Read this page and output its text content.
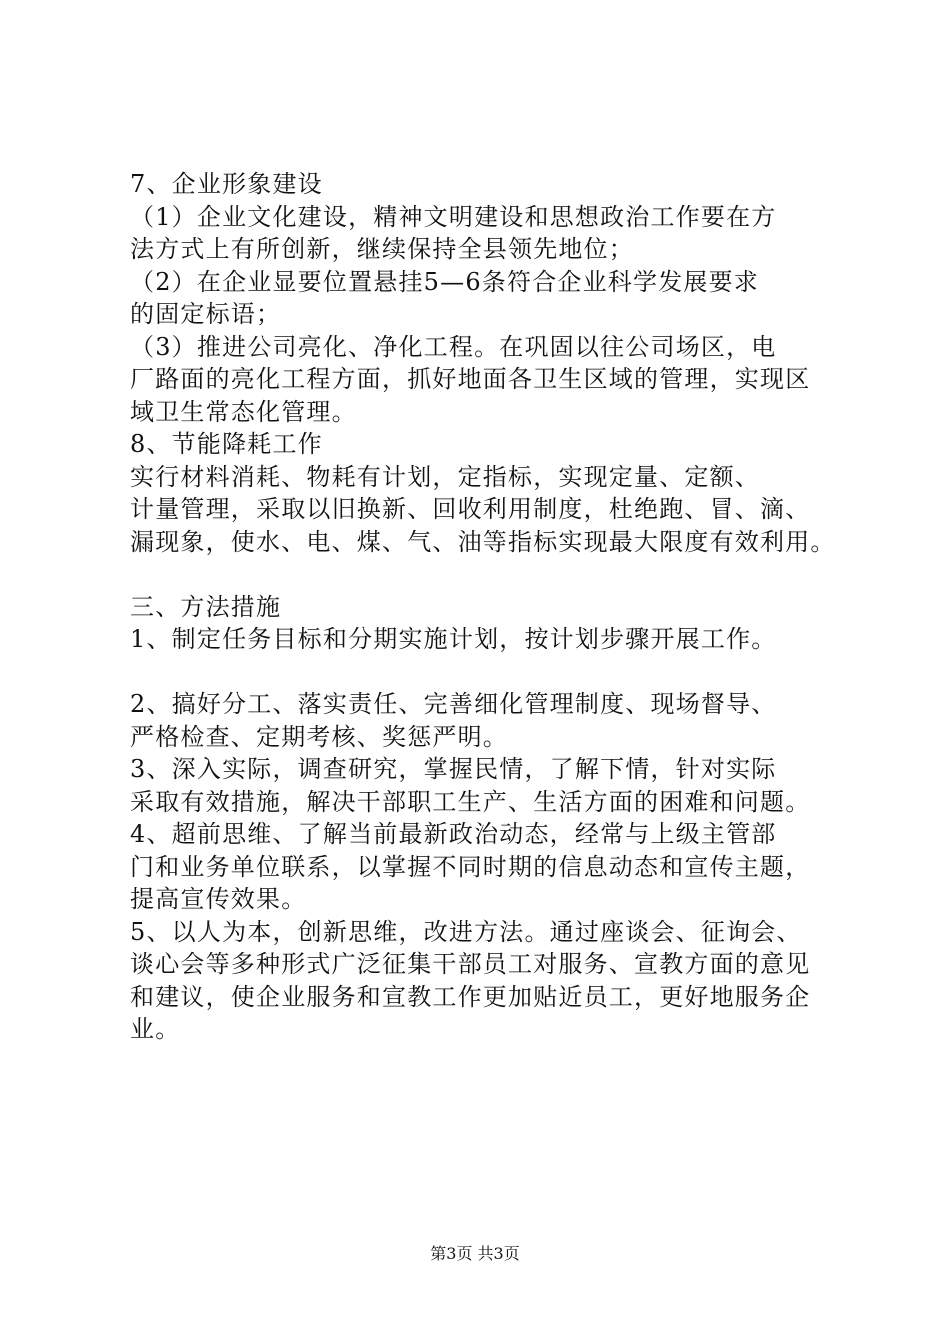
7、企业形象建设
（1）企业文化建设，精神文明建设和思想政治工作要在方
法方式上有所创新，继续保持全县领先地位；
（2）在企业显要位置悬挂5—6条符合企业科学发展要求
的固定标语；
（3）推进公司亮化、净化工程。在巩固以往公司场区，电
厂路面的亮化工程方面，抓好地面各卫生区域的管理，实现区
域卫生常态化管理。
8、节能降耗工作
实行材料消耗、物耗有计划，定指标，实现定量、定额、
计量管理，采取以旧换新、回收利用制度，杜绝跑、冒、滴、
漏现象，使水、电、煤、气、油等指标实现最大限度有效利用。
三、方法措施
1、制定任务目标和分期实施计划，按计划步骤开展工作。
2、搞好分工、落实责任、完善细化管理制度、现场督导、
严格检查、定期考核、奖惩严明。
3、深入实际，调查研究，掌握民情，了解下情，针对实际
采取有效措施，解决干部职工生产、生活方面的困难和问题。
4、超前思维、了解当前最新政治动态，经常与上级主管部
门和业务单位联系，以掌握不同时期的信息动态和宣传主题，
提高宣传效果。
5、以人为本，创新思维，改进方法。通过座谈会、征询会、
谈心会等多种形式广泛征集干部员工对服务、宣教方面的意见
和建议，使企业服务和宣教工作更加贴近员工，更好地服务企
业。
第3页 共3页
